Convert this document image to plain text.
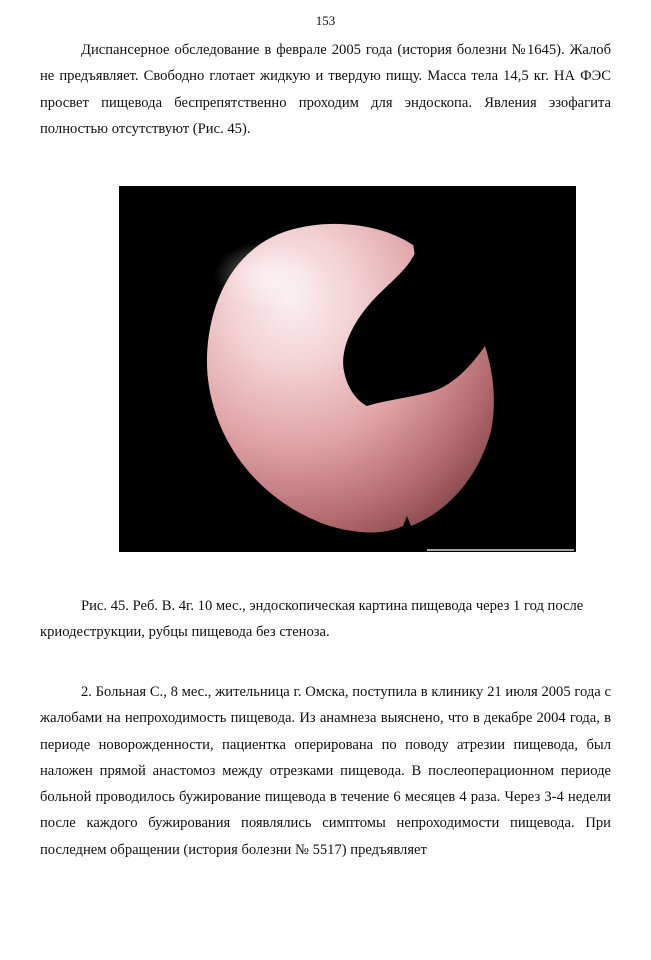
153

Диспансерное обследование в феврале 2005 года (история болезни №1645). Жалоб не предъявляет. Свободно глотает жидкую и твердую пищу. Масса тела 14,5 кг. НА ФЭС просвет пищевода беспрепятственно проходим для эндоскопа. Явления эзофагита полностью отсутствуют (Рис. 45).

Рис. 45. Реб. В. 4г. 10 мес., эндоскопическая картина пищевода через 1 год после криодеструкции, рубцы пищевода без стеноза.

2. Больная С., 8 мес., жительница г. Омска, поступила в клинику 21 июля 2005 года с жалобами на непроходимость пищевода. Из анамнеза выяснено, что в декабре 2004 года, в периоде новорожденности, пациентка оперирована по поводу атрезии пищевода, был наложен прямой анастомоз между отрезками пищевода. В послеоперационном периоде больной проводилось бужирование пищевода в течение 6 месяцев 4 раза. Через 3-4 недели после каждого бужирования появлялись симптомы непроходимости пищевода. При последнем обращении (история болезни № 5517) предъявляет
